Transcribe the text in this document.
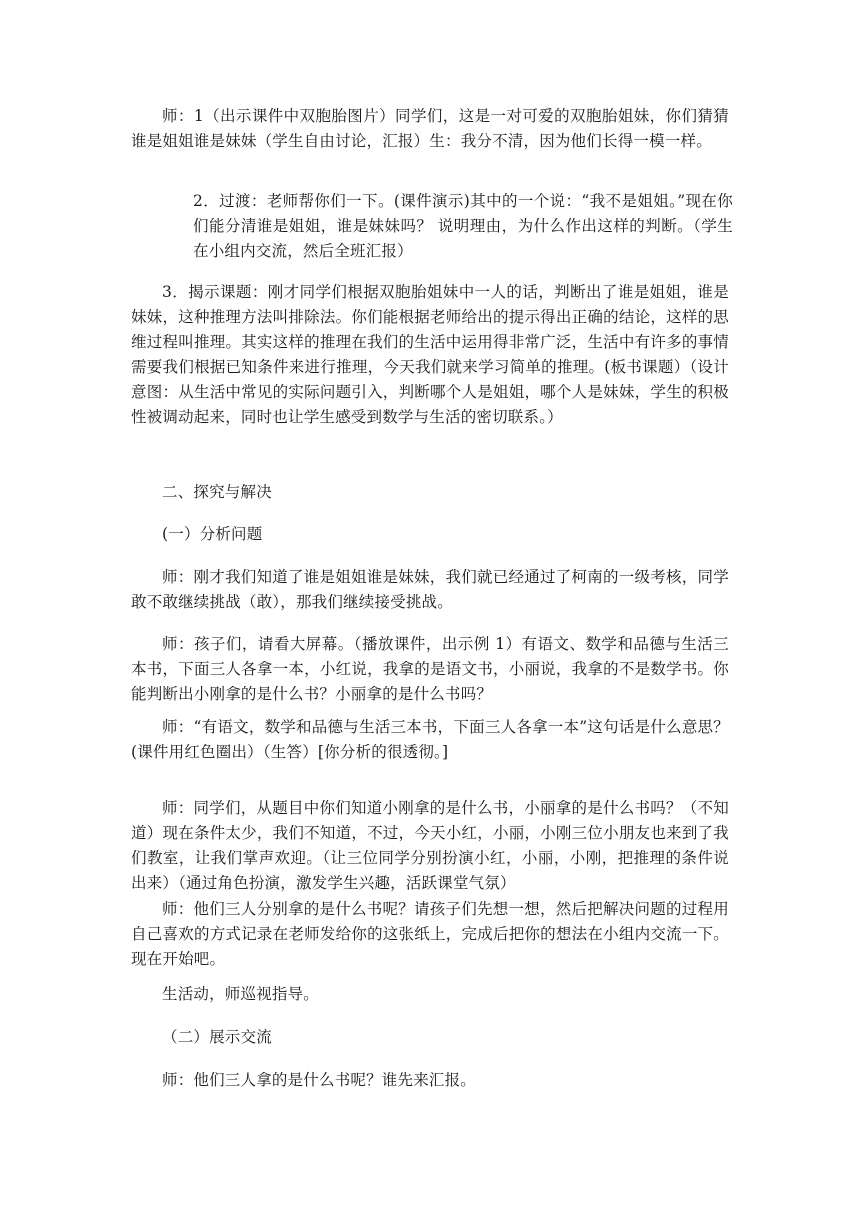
师：1（出示课件中双胞胎图片）同学们，这是一对可爱的双胞胎姐妹，你们猜猜谁是姐姐谁是妹妹（学生自由讨论，汇报）生：我分不清，因为他们长得一模一样。

2．过渡：老师帮你们一下。(课件演示)其中的一个说：“我不是姐姐。”现在你们能分清谁是姐姐，谁是妹妹吗？ 说明理由，为什么作出这样的判断。（学生在小组内交流，然后全班汇报）

3．揭示课题：刚才同学们根据双胞胎姐妹中一人的话，判断出了谁是姐姐，谁是妹妹，这种推理方法叫排除法。你们能根据老师给出的提示得出正确的结论，这样的思维过程叫推理。其实这样的推理在我们的生活中运用得非常广泛，生活中有许多的事情需要我们根据已知条件来进行推理，今天我们就来学习简单的推理。(板书课题）（设计意图：从生活中常见的实际问题引入，判断哪个人是姐姐，哪个人是妹妹，学生的积极性被调动起来，同时也让学生感受到数学与生活的密切联系。）

二、探究与解决

(一）分析问题

师：刚才我们知道了谁是姐姐谁是妹妹，我们就已经通过了柯南的一级考核，同学敢不敢继续挑战（敢），那我们继续接受挑战。

师：孩子们，请看大屏幕。（播放课件，出示例 1）有语文、数学和品德与生活三本书，下面三人各拿一本，小红说，我拿的是语文书，小丽说，我拿的不是数学书。你能判断出小刚拿的是什么书？小丽拿的是什么书吗？

师：“有语文，数学和品德与生活三本书，下面三人各拿一本”这句话是什么意思？(课件用红色圈出）（生答）[你分析的很透彻。]

师：同学们，从题目中你们知道小刚拿的是什么书，小丽拿的是什么书吗？（不知道）现在条件太少，我们不知道，不过，今天小红，小丽，小刚三位小朋友也来到了我们教室，让我们掌声欢迎。（让三位同学分别扮演小红，小丽，小刚，把推理的条件说出来）（通过角色扮演，激发学生兴趣，活跃课堂气氛）

师：他们三人分别拿的是什么书呢？请孩子们先想一想，然后把解决问题的过程用自己喜欢的方式记录在老师发给你的这张纸上，完成后把你的想法在小组内交流一下。现在开始吧。

生活动，师巡视指导。

（二）展示交流

师：他们三人拿的是什么书呢？谁先来汇报。
